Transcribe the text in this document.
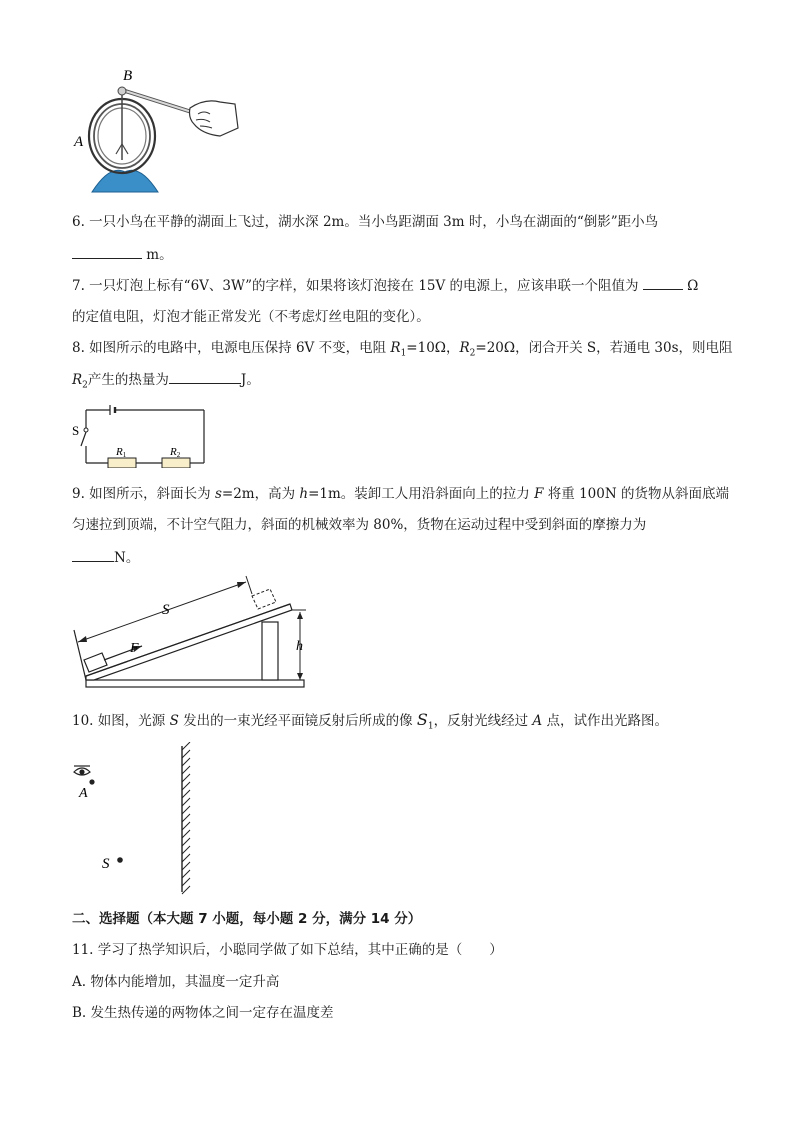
B
A
6. 一只小鸟在平静的湖面上飞过，湖水深 2m。当小鸟距湖面 3m 时，小鸟在湖面的“倒影”距小鸟
m。
7. 一只灯泡上标有“6V、3W”的字样，如果将该灯泡接在 15V 的电源上，应该串联一个阻值为	Ω
的定值电阻，灯泡才能正常发光（不考虑灯丝电阻的变化）。
8. 如图所示的电路中，电源电压保持 6V 不变，电阻 $R_1=10\Omega$，$R_2=20\Omega$，闭合开关 S，若通电 30s，则电阻
$R_2$产生的热量为	J。
S
R1	R2
9. 如图所示，斜面长为 s=2m，高为 h=1m。装卸工人用沿斜面向上的拉力 F 将重 100N 的货物从斜面底端
匀速拉到顶端，不计空气阻力，斜面的机械效率为 80%，货物在运动过程中受到斜面的摩擦力为
N。
S
F	h
10. 如图，光源 S 发出的一束光经平面镜反射后所成的像 $S_1$，反射光线经过 A 点，试作出光路图。
A
S
二、选择题（本大题 7 小题，每小题 2 分，满分 14 分）
11. 学习了热学知识后，小聪同学做了如下总结，其中正确的是（　　）
A. 物体内能增加，其温度一定升高
B. 发生热传递的两物体之间一定存在温度差
